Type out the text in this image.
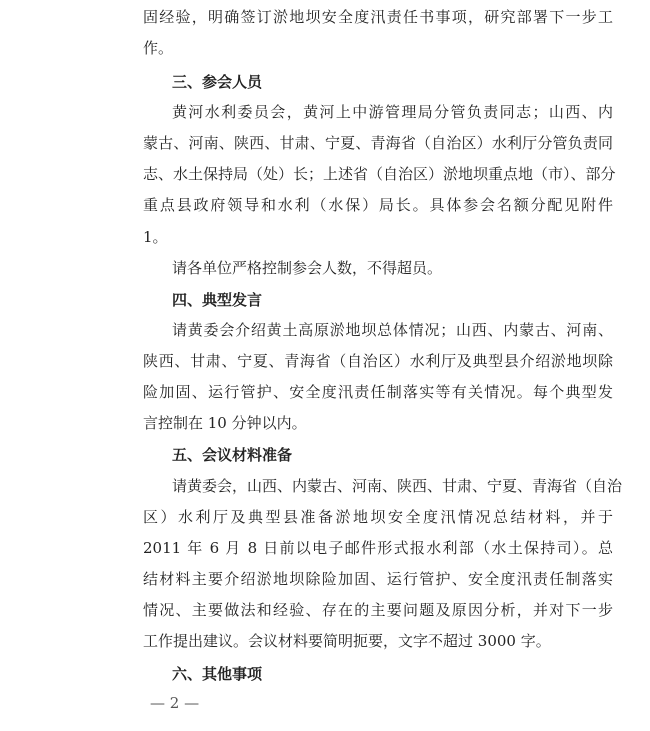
固经验，明确签订淤地坝安全度汛责任书事项，研究部署下一步工
作。
三、参会人员
黄河水利委员会，黄河上中游管理局分管负责同志；山西、内
蒙古、河南、陕西、甘肃、宁夏、青海省（自治区）水利厅分管负责同
志、水土保持局（处）长；上述省（自治区）淤地坝重点地（市）、部分
重点县政府领导和水利（水保）局长。具体参会名额分配见附件
1。
请各单位严格控制参会人数，不得超员。
四、典型发言
请黄委会介绍黄土高原淤地坝总体情况；山西、内蒙古、河南、
陕西、甘肃、宁夏、青海省（自治区）水利厅及典型县介绍淤地坝除
险加固、运行管护、安全度汛责任制落实等有关情况。每个典型发
言控制在 10 分钟以内。
五、会议材料准备
请黄委会，山西、内蒙古、河南、陕西、甘肃、宁夏、青海省（自治
区）水利厅及典型县准备淤地坝安全度汛情况总结材料，并于
2011 年 6 月 8 日前以电子邮件形式报水利部（水土保持司）。总
结材料主要介绍淤地坝除险加固、运行管护、安全度汛责任制落实
情况、主要做法和经验、存在的主要问题及原因分析，并对下一步
工作提出建议。会议材料要简明扼要，文字不超过 3000 字。
六、其他事项
— 2 —
